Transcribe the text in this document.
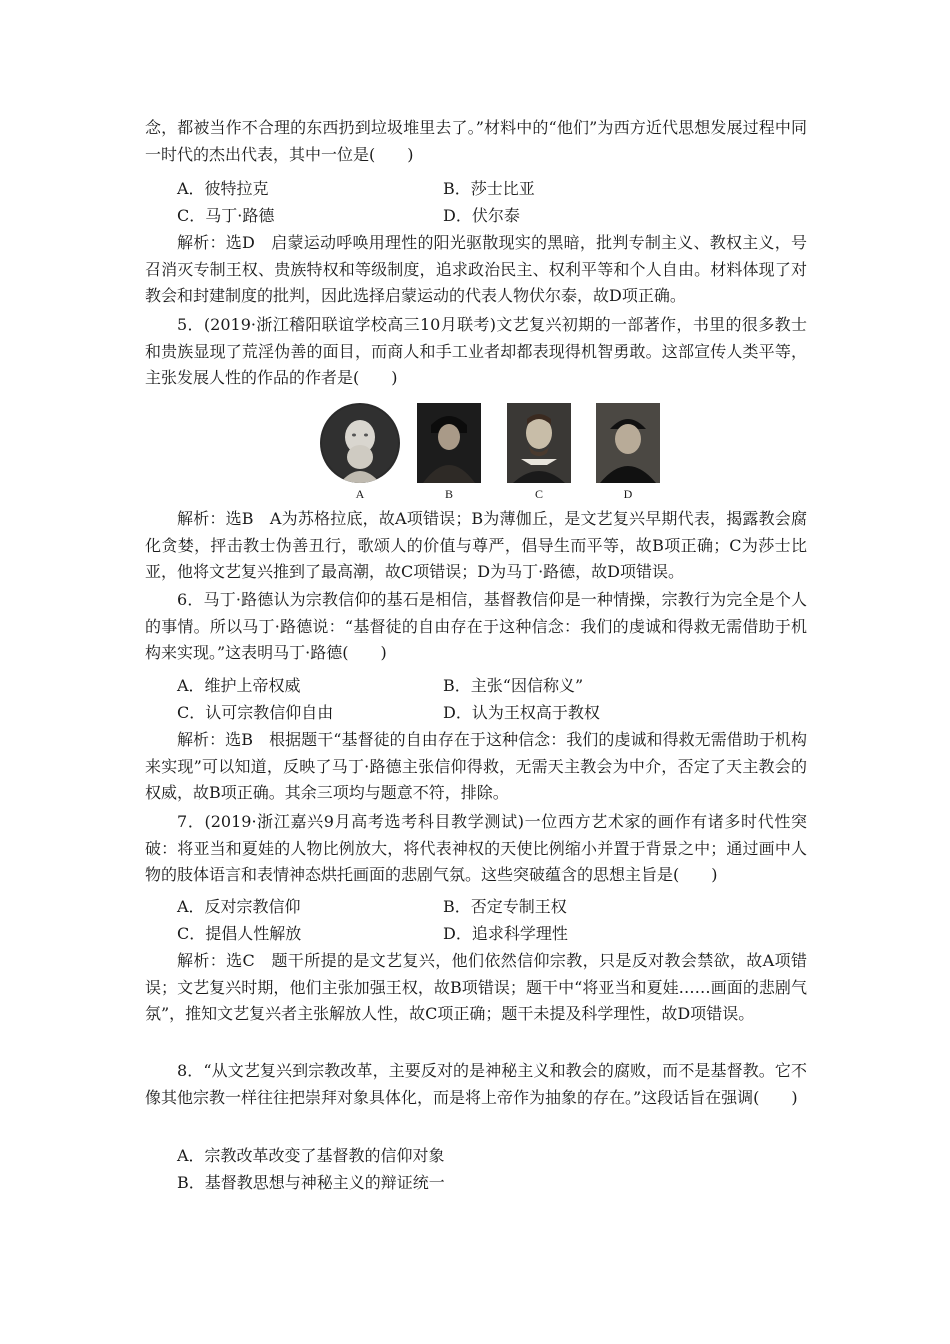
念，都被当作不合理的东西扔到垃圾堆里去了。”材料中的“他们”为西方近代思想发展过程中同一时代的杰出代表，其中一位是(　　)

A．彼特拉克	B．莎士比亚
C．马丁·路德	D．伏尔泰

解析：选D　启蒙运动呼唤用理性的阳光驱散现实的黑暗，批判专制主义、教权主义，号召消灭专制王权、贵族特权和等级制度，追求政治民主、权利平等和个人自由。材料体现了对教会和封建制度的批判，因此选择启蒙运动的代表人物伏尔泰，故D项正确。

5．(2019·浙江稽阳联谊学校高三10月联考)文艺复兴初期的一部著作，书里的很多教士和贵族显现了荒淫伪善的面目，而商人和手工业者却都表现得机智勇敢。这部宣传人类平等，主张发展人性的作品的作者是(　　)

A	B	C	D

解析：选B　A为苏格拉底，故A项错误；B为薄伽丘，是文艺复兴早期代表，揭露教会腐化贪婪，抨击教士伪善丑行，歌颂人的价值与尊严，倡导生而平等，故B项正确；C为莎士比亚，他将文艺复兴推到了最高潮，故C项错误；D为马丁·路德，故D项错误。

6．马丁·路德认为宗教信仰的基石是相信，基督教信仰是一种情操，宗教行为完全是个人的事情。所以马丁·路德说：“基督徒的自由存在于这种信念：我们的虔诚和得救无需借助于机构来实现。”这表明马丁·路德(　　)

A．维护上帝权威	B．主张“因信称义”
C．认可宗教信仰自由	D．认为王权高于教权

解析：选B　根据题干“基督徒的自由存在于这种信念：我们的虔诚和得救无需借助于机构来实现”可以知道，反映了马丁·路德主张信仰得救，无需天主教会为中介，否定了天主教会的权威，故B项正确。其余三项均与题意不符，排除。

7．(2019·浙江嘉兴9月高考选考科目教学测试)一位西方艺术家的画作有诸多时代性突破：将亚当和夏娃的人物比例放大，将代表神权的天使比例缩小并置于背景之中；通过画中人物的肢体语言和表情神态烘托画面的悲剧气氛。这些突破蕴含的思想主旨是(　　)

A．反对宗教信仰	B．否定专制王权
C．提倡人性解放	D．追求科学理性

解析：选C　题干所提的是文艺复兴，他们依然信仰宗教，只是反对教会禁欲，故A项错误；文艺复兴时期，他们主张加强王权，故B项错误；题干中“将亚当和夏娃……画面的悲剧气氛”，推知文艺复兴者主张解放人性，故C项正确；题干未提及科学理性，故D项错误。

8．“从文艺复兴到宗教改革，主要反对的是神秘主义和教会的腐败，而不是基督教。它不像其他宗教一样往往把崇拜对象具体化，而是将上帝作为抽象的存在。”这段话旨在强调(　　)

A．宗教改革改变了基督教的信仰对象
B．基督教思想与神秘主义的辩证统一
